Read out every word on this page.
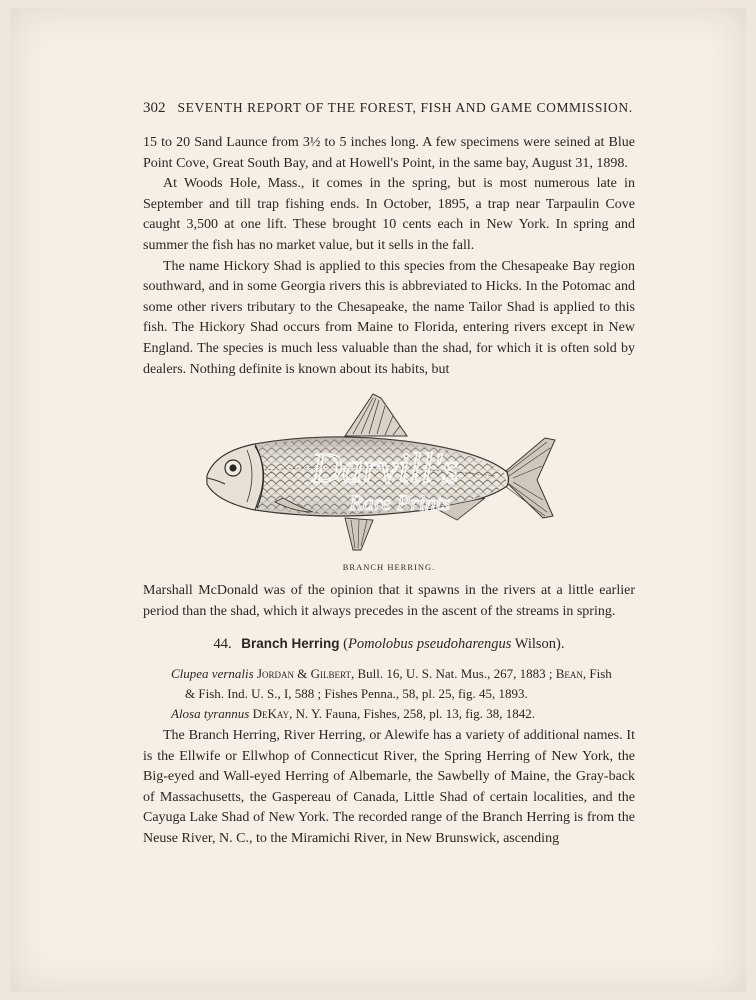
302 SEVENTH REPORT OF THE FOREST, FISH AND GAME COMMISSION.

15 to 20 Sand Launce from 3½ to 5 inches long. A few specimens were seined at Blue Point Cove, Great South Bay, and at Howell's Point, in the same bay, August 31, 1898.

At Woods Hole, Mass., it comes in the spring, but is most numerous late in September and till trap fishing ends. In October, 1895, a trap near Tarpaulin Cove caught 3,500 at one lift. These brought 10 cents each in New York. In spring and summer the fish has no market value, but it sells in the fall.

The name Hickory Shad is applied to this species from the Chesapeake Bay region southward, and in some Georgia rivers this is abbreviated to Hicks. In the Potomac and some other rivers tributary to the Chesapeake, the name Tailor Shad is applied to this fish. The Hickory Shad occurs from Maine to Florida, entering rivers except in New England. The species is much less valuable than the shad, for which it is often sold by dealers. Nothing definite is known about its habits, but

Darvill's
Rare Prints
BRANCH HERRING.

Marshall McDonald was of the opinion that it spawns in the rivers at a little earlier period than the shad, which it always precedes in the ascent of the streams in spring.

44. Branch Herring (Pomolobus pseudoharengus Wilson).

Clupea vernalis Jordan & Gilbert, Bull. 16, U. S. Nat. Mus., 267, 1883 ; Bean, Fish

& Fish. Ind. U. S., I, 588 ; Fishes Penna., 58, pl. 25, fig. 45, 1893.

Alosa tyrannus DeKay, N. Y. Fauna, Fishes, 258, pl. 13, fig. 38, 1842.

The Branch Herring, River Herring, or Alewife has a variety of additional names. It is the Ellwife or Ellwhop of Connecticut River, the Spring Herring of New York, the Big-eyed and Wall-eyed Herring of Albemarle, the Sawbelly of Maine, the Gray-back of Massachusetts, the Gaspereau of Canada, Little Shad of certain localities, and the Cayuga Lake Shad of New York. The recorded range of the Branch Herring is from the Neuse River, N. C., to the Miramichi River, in New Brunswick, ascending
